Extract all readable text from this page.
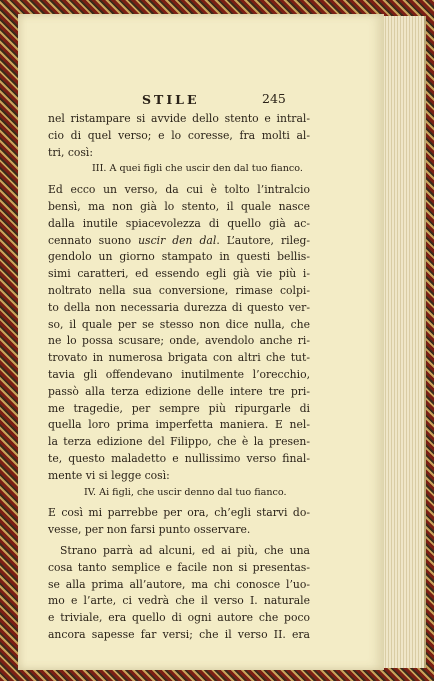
STILE	245
nel ristampare si avvide dello stento e intral-
cio di quel verso; e lo coresse, fra molti al-
tri, così:
III. A quei figli che uscir den dal tuo fianco.
Ed ecco un verso, da cui è tolto l’intralcio
bensì, ma non già lo stento, il quale nasce
dalla inutile spiacevolezza di quello già ac-
cennato suono uscir den dal. L’autore, rileg-
gendolo un giorno stampato in questi bellis-
simi caratteri, ed essendo egli già vie più i-
noltrato nella sua conversione, rimase colpi-
to della non necessaria durezza di questo ver-
so, il quale per se stesso non dice nulla, che
ne lo possa scusare; onde, avendolo anche ri-
trovato in numerosa brigata con altri che tut-
tavia gli offendevano inutilmente l’orecchio,
passò alla terza edizione delle intere tre pri-
me tragedie, per sempre più ripurgarle di
quella loro prima imperfetta maniera. E nel-
la terza edizione del Filippo, che è la presen-
te, questo maladetto e nullissimo verso final-
mente vi si legge così:
IV. Ai figli, che uscir denno dal tuo fianco.
E così mi parrebbe per ora, ch’egli starvi do-
vesse, per non farsi punto osservare.
Strano parrà ad alcuni, ed ai più, che una
cosa tanto semplice e facile non si presentas-
se alla prima all’autore, ma chi conosce l’uo-
mo e l’arte, ci vedrà che il verso I. naturale
e triviale, era quello di ogni autore che poco
ancora sapesse far versi; che il verso II. era
